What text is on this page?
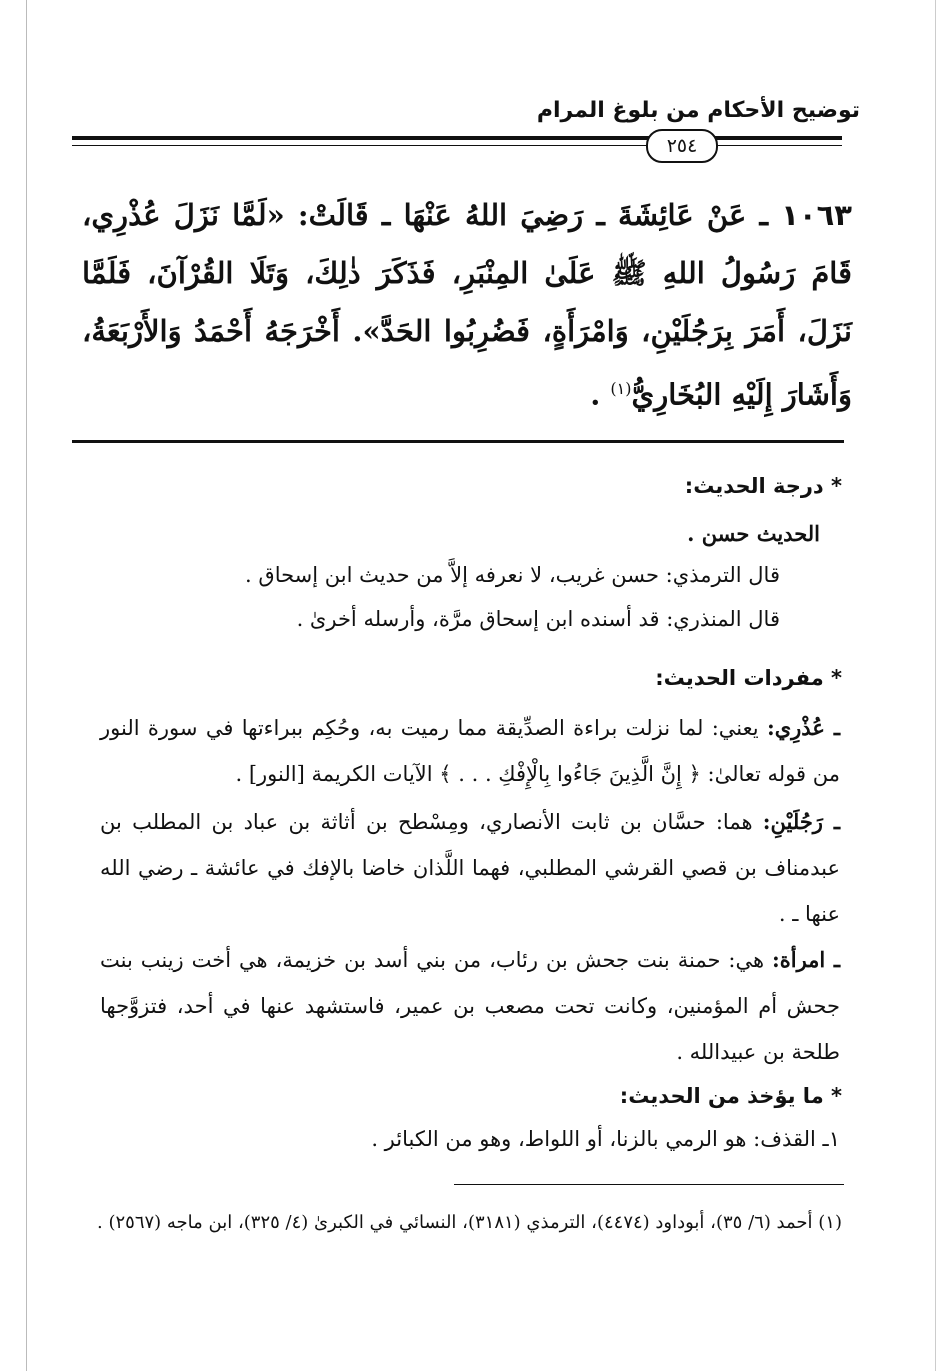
توضيح الأحكام من بلوغ المرام
٢٥٤
١٠٦٣ ـ عَنْ عَائِشَةَ ـ رَضِيَ اللهُ عَنْهَا ـ قَالَتْ: «لَمَّا نَزَلَ عُذْرِي، قَامَ رَسُولُ اللهِ ﷺ عَلَىٰ المِنْبَرِ، فَذَكَرَ ذٰلِكَ، وَتَلَا القُرْآنَ، فَلَمَّا نَزَلَ، أَمَرَ بِرَجُلَيْنِ، وَامْرَأَةٍ، فَضُرِبُوا الحَدَّ». أَخْرَجَهُ أَحْمَدُ وَالأَرْبَعَةُ، وَأَشَارَ إِلَيْهِ البُخَارِيُّ$^{(١)}$ .
* درجة الحديث:
الحديث حسن .
قال الترمذي: حسن غريب، لا نعرفه إلاَّ من حديث ابن إسحاق .
قال المنذري: قد أسنده ابن إسحاق مرَّة، وأرسله أخرىٰ .
* مفردات الحديث:
ـ عُذْرِي: يعني: لما نزلت براءة الصدِّيقة مما رميت به، وحُكِم ببراءتها في سورة النور من قوله تعالىٰ: ﴿ إِنَّ الَّذِينَ جَاءُوا بِالْإِفْكِ . . . ﴾ الآيات الكريمة [النور] .
ـ رَجُلَيْنِ: هما: حسَّان بن ثابت الأنصاري، ومِسْطح بن أثاثة بن عباد بن المطلب بن عبدمناف بن قصي القرشي المطلبي، فهما اللَّذان خاضا بالإفك في عائشة ـ رضي الله عنها ـ .
ـ امرأة: هي: حمنة بنت جحش بن رئاب، من بني أسد بن خزيمة، هي أخت زينب بنت جحش أم المؤمنين، وكانت تحت مصعب بن عمير، فاستشهد عنها في أحد، فتزوَّجها طلحة بن عبيدالله .
* ما يؤخذ من الحديث:
١ـ القذف: هو الرمي بالزنا، أو اللواط، وهو من الكبائر .
(١) أحمد (٦/ ٣٥)، أبوداود (٤٤٧٤)، الترمذي (٣١٨١)، النسائي في الكبرىٰ (٤/ ٣٢٥)، ابن ماجه (٢٥٦٧) .
